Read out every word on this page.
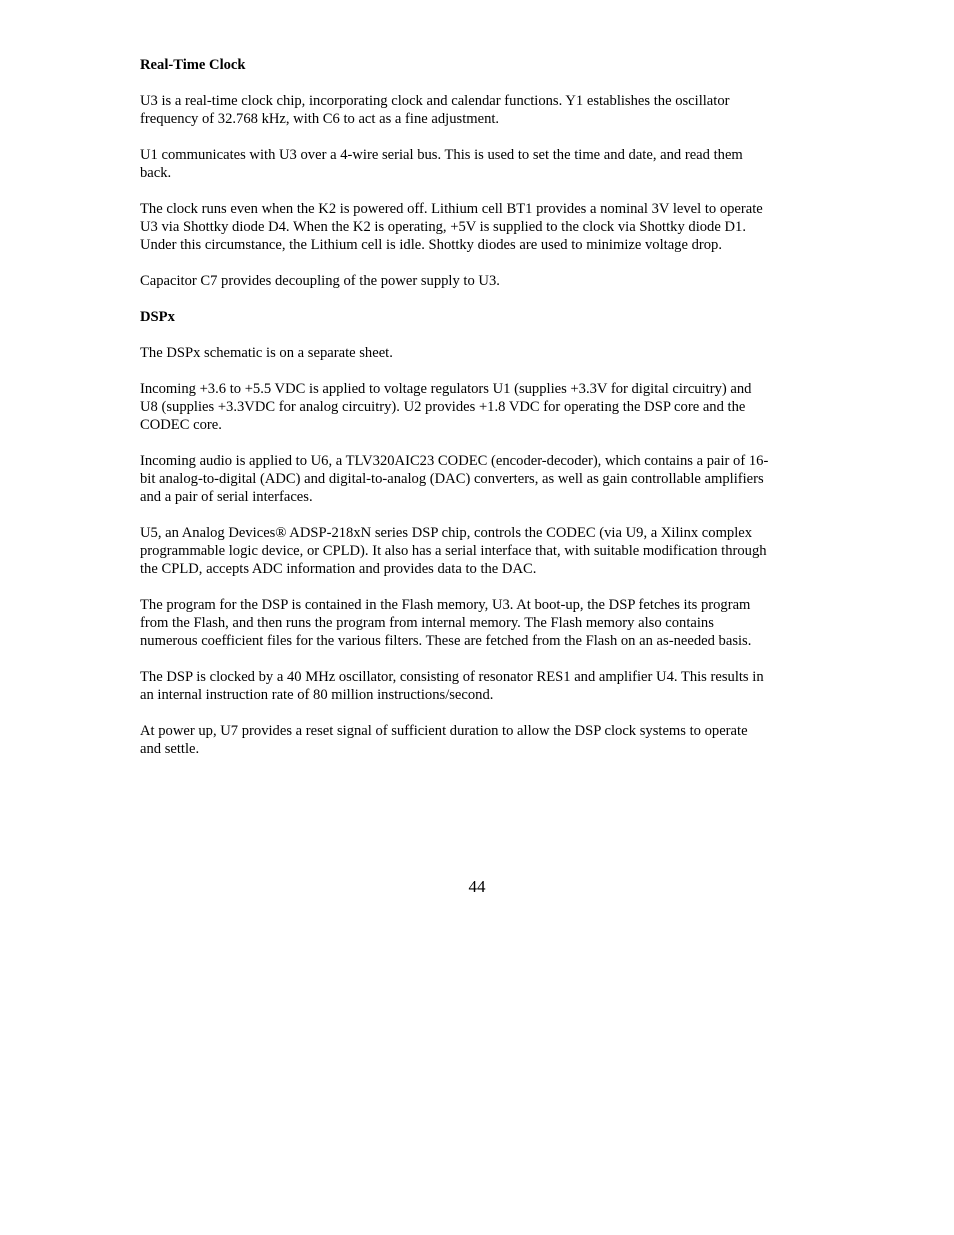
Real-Time Clock
U3 is a real-time clock chip, incorporating clock and calendar functions. Y1 establishes the oscillator
frequency of 32.768 kHz, with C6 to act as a fine adjustment.
U1 communicates with U3 over a 4-wire serial bus. This is used to set the time and date, and read them
back.
The clock runs even when the K2 is powered off. Lithium cell BT1 provides a nominal 3V level to operate
U3 via Shottky diode D4. When the K2 is operating, +5V is supplied to the clock via Shottky diode D1.
Under this circumstance, the Lithium cell is idle. Shottky diodes are used to minimize voltage drop.
Capacitor C7 provides decoupling of the power supply to U3.
DSPx
The DSPx schematic is on a separate sheet.
Incoming +3.6 to +5.5 VDC is applied to voltage regulators U1 (supplies +3.3V for digital circuitry) and
U8 (supplies +3.3VDC for analog circuitry). U2 provides +1.8 VDC for operating the DSP core and the
CODEC core.
Incoming audio is applied to U6, a TLV320AIC23 CODEC (encoder-decoder), which contains a pair of 16-
bit analog-to-digital (ADC) and digital-to-analog (DAC) converters, as well as gain controllable amplifiers
and a pair of serial interfaces.
U5, an Analog Devices® ADSP-218xN series DSP chip, controls the CODEC (via U9, a Xilinx complex
programmable logic device, or CPLD). It also has a serial interface that, with suitable modification through
the CPLD, accepts ADC information and provides data to the DAC.
The program for the DSP is contained in the Flash memory, U3. At boot-up, the DSP fetches its program
from the Flash, and then runs the program from internal memory. The Flash memory also contains
numerous coefficient files for the various filters. These are fetched from the Flash on an as-needed basis.
The DSP is clocked by a 40 MHz oscillator, consisting of resonator RES1 and amplifier U4. This results in
an internal instruction rate of 80 million instructions/second.
At power up, U7 provides a reset signal of sufficient duration to allow the DSP clock systems to operate
and settle.
44
